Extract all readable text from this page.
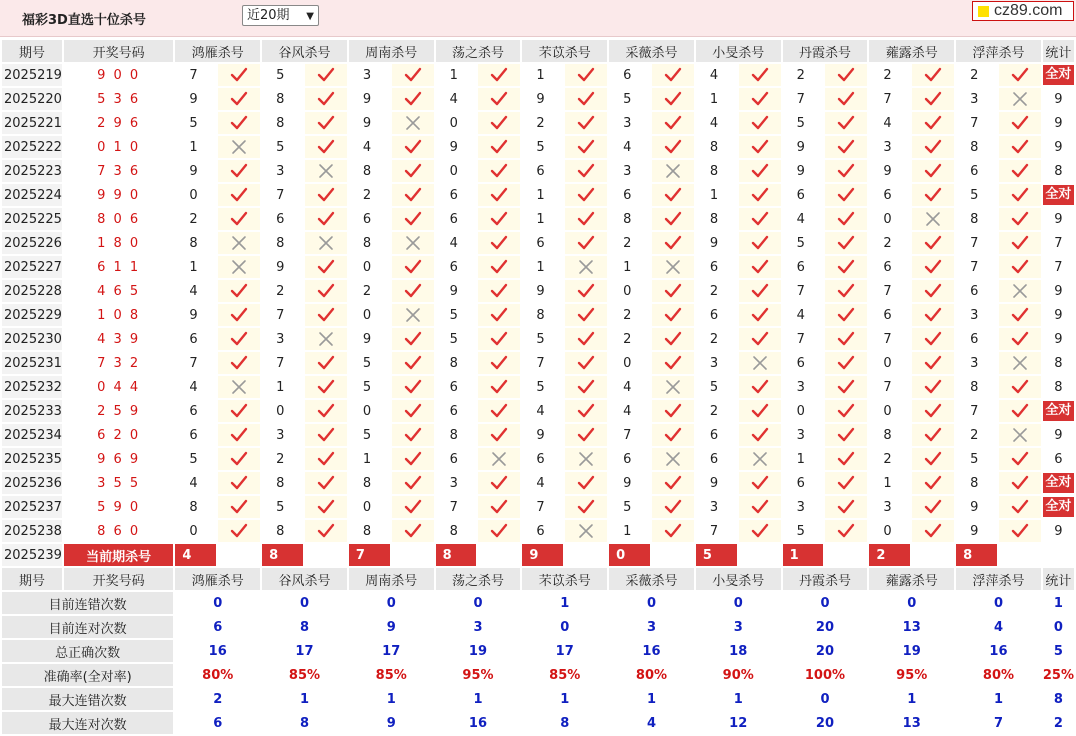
福彩3D直选十位杀号	近20期 ▼	cz89.com
期号	开奖号码	鸿雁杀号		谷风杀号		周南杀号		荡之杀号		芣苡杀号		采薇杀号		小旻杀号		丹霞杀号		蕹露杀号		浮萍杀号		统计
2025219	9 0 0	7		5		3		1		1		6		4		2		2		2		全对
2025220	5 3 6	9		8		9		4		9		5		1		7		7		3		9
2025221	2 9 6	5		8		9		0		2		3		4		5		4		7		9
2025222	0 1 0	1		5		4		9		5		4		8		9		3		8		9
2025223	7 3 6	9		3		8		0		6		3		8		9		9		6		8
2025224	9 9 0	0		7		2		6		1		6		1		6		6		5		全对
2025225	8 0 6	2		6		6		6		1		8		8		4		0		8		9
2025226	1 8 0	8		8		8		4		6		2		9		5		2		7		7
2025227	6 1 1	1		9		0		6		1		1		6		6		6		7		7
2025228	4 6 5	4		2		2		9		9		0		2		7		7		6		9
2025229	1 0 8	9		7		0		5		8		2		6		4		6		3		9
2025230	4 3 9	6		3		9		5		5		2		2		7		7		6		9
2025231	7 3 2	7		7		5		8		7		0		3		6		0		3		8
2025232	0 4 4	4		1		5		6		5		4		5		3		7		8		8
2025233	2 5 9	6		0		0		6		4		4		2		0		0		7		全对
2025234	6 2 0	6		3		5		8		9		7		6		3		8		2		9
2025235	9 6 9	5		2		1		6		6		6		6		1		2		5		6
2025236	3 5 5	4		8		8		3		4		9		9		6		1		8		全对
2025237	5 9 0	8		5		0		7		7		5		3		3		3		9		全对
2025238	8 6 0	0		8		8		8		6		1		7		5		0		9		9
2025239	当前期杀号	4		8		7		8		9		0		5		1		2		8		
期号	开奖号码	鸿雁杀号		谷风杀号		周南杀号		荡之杀号		芣苡杀号		采薇杀号		小旻杀号		丹霞杀号		蕹露杀号		浮萍杀号		统计
目前连错次数		0		0		0		0		1		0		0		0		0		0		1
目前连对次数		6		8		9		3		0		3		3		20		13		4		0
总正确次数		16		17		17		19		17		16		18		20		19		16		5
准确率(全对率)		80%		85%		85%		95%		85%		80%		90%		100%		95%		80%		25%
最大连错次数		2		1		1		1		1		1		1		0		1		1		8
最大连对次数		6		8		9		16		8		4		12		20		13		7		2
